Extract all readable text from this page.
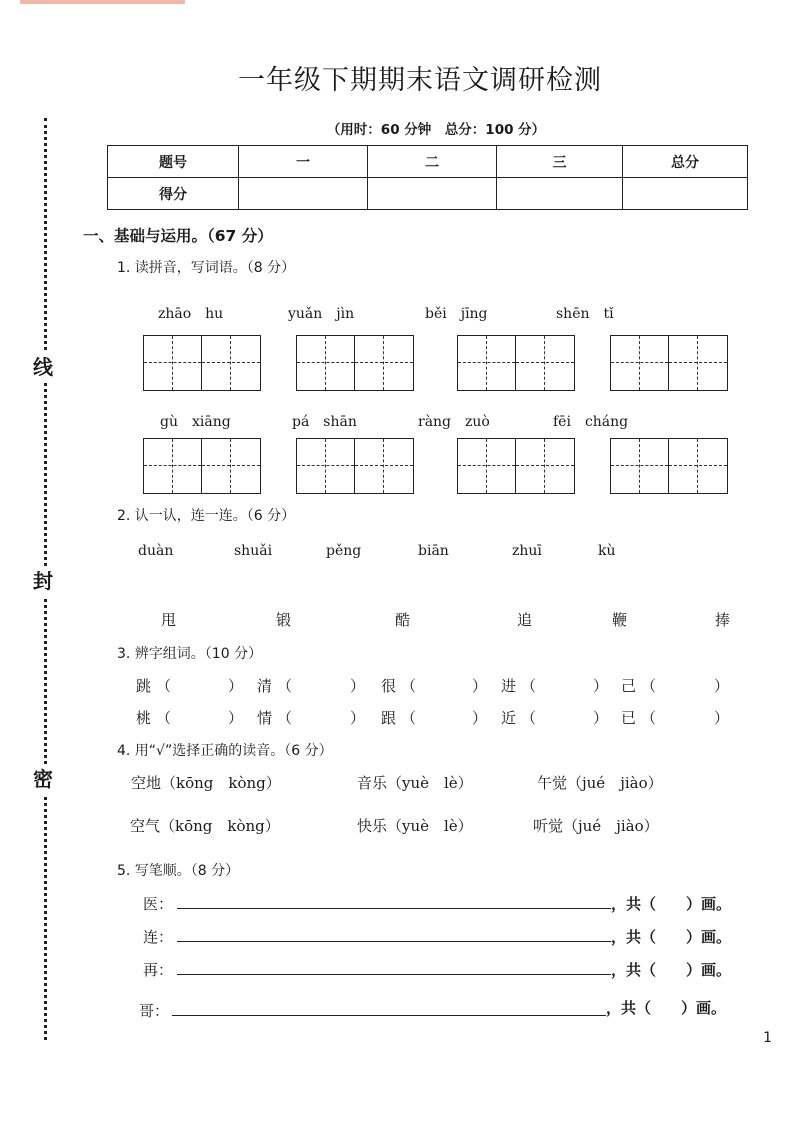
线
封
密
一年级下期期末语文调研检测
（用时：60 分钟　总分：100 分）
题号	一	二	三	总分
得分				
一、基础与运用。（67 分）
1. 读拼音，写词语。（8 分）
zhāo　hu	yuǎn　jìn	běi　jīng	shēn　tǐ
gù　xiāng	pá　shān	ràng　zuò	fēi　cháng
2. 认一认，连一连。（6 分）
duàn	shuǎi	pěng	biān	zhuī	kù
甩	锻	酷	追	鞭	捧
3. 辨字组词。（10 分）
跳 （	） 清 （	） 很 （	） 进 （	） 己 （	）
桃 （	） 情 （	） 跟 （	） 近 （	） 已 （	）
4. 用“√”选择正确的读音。（6 分）
空地（kōng　kòng）	音乐（yuè　lè）	午觉（jué　jiào）
空气（kōng　kòng）	快乐（yuè　lè）	听觉（jué　jiào）
5. 写笔顺。（8 分）
医：	，共（　　）画。
连：	，共（　　）画。
再：	，共（　　）画。
哥：	，共（　　）画。
1
